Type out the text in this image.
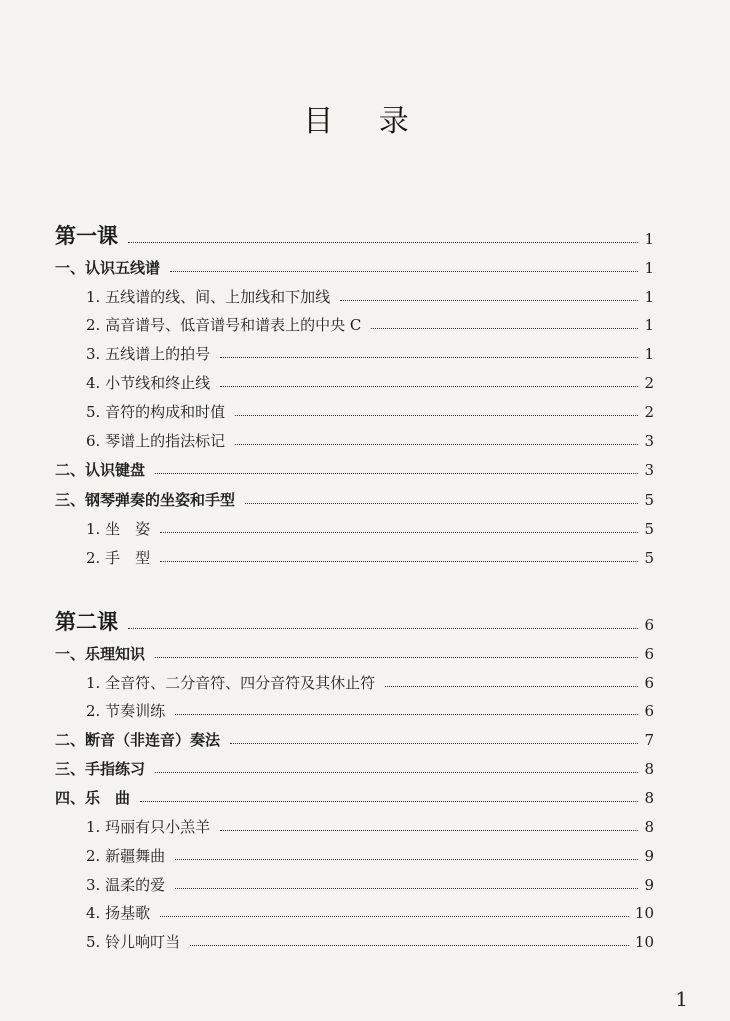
目 录
第一课	1
一、认识五线谱	1
1. 五线谱的线、间、上加线和下加线	1
2. 高音谱号、低音谱号和谱表上的中央 C	1
3. 五线谱上的拍号	1
4. 小节线和终止线	2
5. 音符的构成和时值	2
6. 琴谱上的指法标记	3
二、认识键盘	3
三、钢琴弹奏的坐姿和手型	5
1. 坐　姿	5
2. 手　型	5
第二课	6
一、乐理知识	6
1. 全音符、二分音符、四分音符及其休止符	6
2. 节奏训练	6
二、断音（非连音）奏法	7
三、手指练习	8
四、乐　曲	8
1. 玛丽有只小羔羊	8
2. 新疆舞曲	9
3. 温柔的爱	9
4. 扬基歌	10
5. 铃儿响叮当	10
1
